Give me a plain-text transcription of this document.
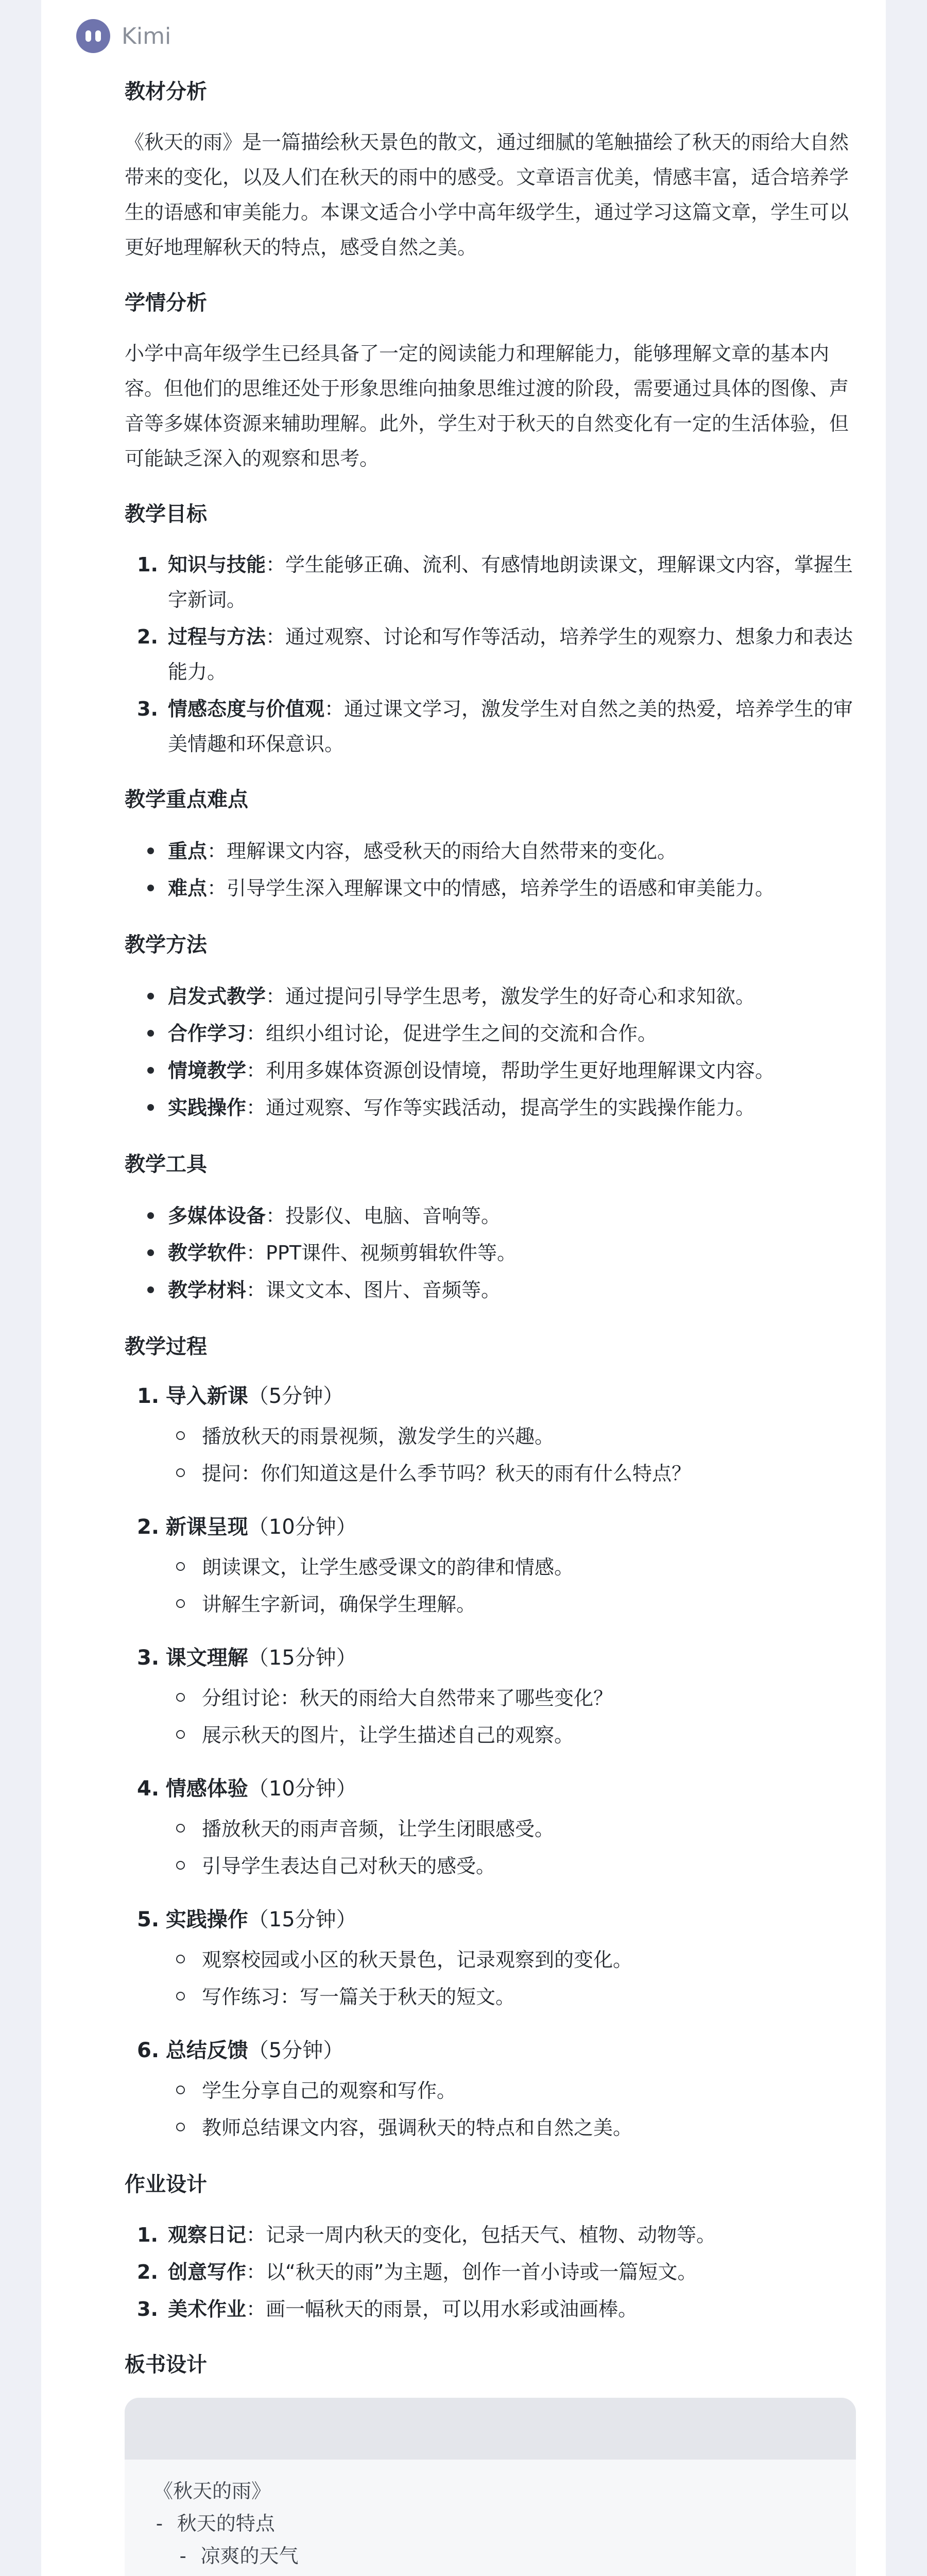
Kimi
教材分析

《秋天的雨》是一篇描绘秋天景色的散文，通过细腻的笔触描绘了秋天的雨给大自然带来的变化，以及人们在秋天的雨中的感受。文章语言优美，情感丰富，适合培养学生的语感和审美能力。本课文适合小学中高年级学生，通过学习这篇文章，学生可以更好地理解秋天的特点，感受自然之美。

学情分析

小学中高年级学生已经具备了一定的阅读能力和理解能力，能够理解文章的基本内容。但他们的思维还处于形象思维向抽象思维过渡的阶段，需要通过具体的图像、声音等多媒体资源来辅助理解。此外，学生对于秋天的自然变化有一定的生活体验，但可能缺乏深入的观察和思考。

教学目标
1. 知识与技能：学生能够正确、流利、有感情地朗读课文，理解课文内容，掌握生字新词。
2. 过程与方法：通过观察、讨论和写作等活动，培养学生的观察力、想象力和表达能力。
3. 情感态度与价值观：通过课文学习，激发学生对自然之美的热爱，培养学生的审美情趣和环保意识。
教学重点难点
重点：理解课文内容，感受秋天的雨给大自然带来的变化。
难点：引导学生深入理解课文中的情感，培养学生的语感和审美能力。
教学方法
启发式教学：通过提问引导学生思考，激发学生的好奇心和求知欲。
合作学习：组织小组讨论，促进学生之间的交流和合作。
情境教学：利用多媒体资源创设情境，帮助学生更好地理解课文内容。
实践操作：通过观察、写作等实践活动，提高学生的实践操作能力。
教学工具
多媒体设备：投影仪、电脑、音响等。
教学软件：PPT课件、视频剪辑软件等。
教学材料：课文文本、图片、音频等。
教学过程
1. 导入新课（5分钟）
播放秋天的雨景视频，激发学生的兴趣。
提问：你们知道这是什么季节吗？秋天的雨有什么特点？
2. 新课呈现（10分钟）
朗读课文，让学生感受课文的韵律和情感。
讲解生字新词，确保学生理解。
3. 课文理解（15分钟）
分组讨论：秋天的雨给大自然带来了哪些变化？
展示秋天的图片，让学生描述自己的观察。
4. 情感体验（10分钟）
播放秋天的雨声音频，让学生闭眼感受。
引导学生表达自己对秋天的感受。
5. 实践操作（15分钟）
观察校园或小区的秋天景色，记录观察到的变化。
写作练习：写一篇关于秋天的短文。
6. 总结反馈（5分钟）
学生分享自己的观察和写作。
教师总结课文内容，强调秋天的特点和自然之美。
作业设计
1. 观察日记：记录一周内秋天的变化，包括天气、植物、动物等。
2. 创意写作：以“秋天的雨”为主题，创作一首小诗或一篇短文。
3. 美术作业：画一幅秋天的雨景，可以用水彩或油画棒。
板书设计
《秋天的雨》
- 秋天的特点
- 凉爽的天气
